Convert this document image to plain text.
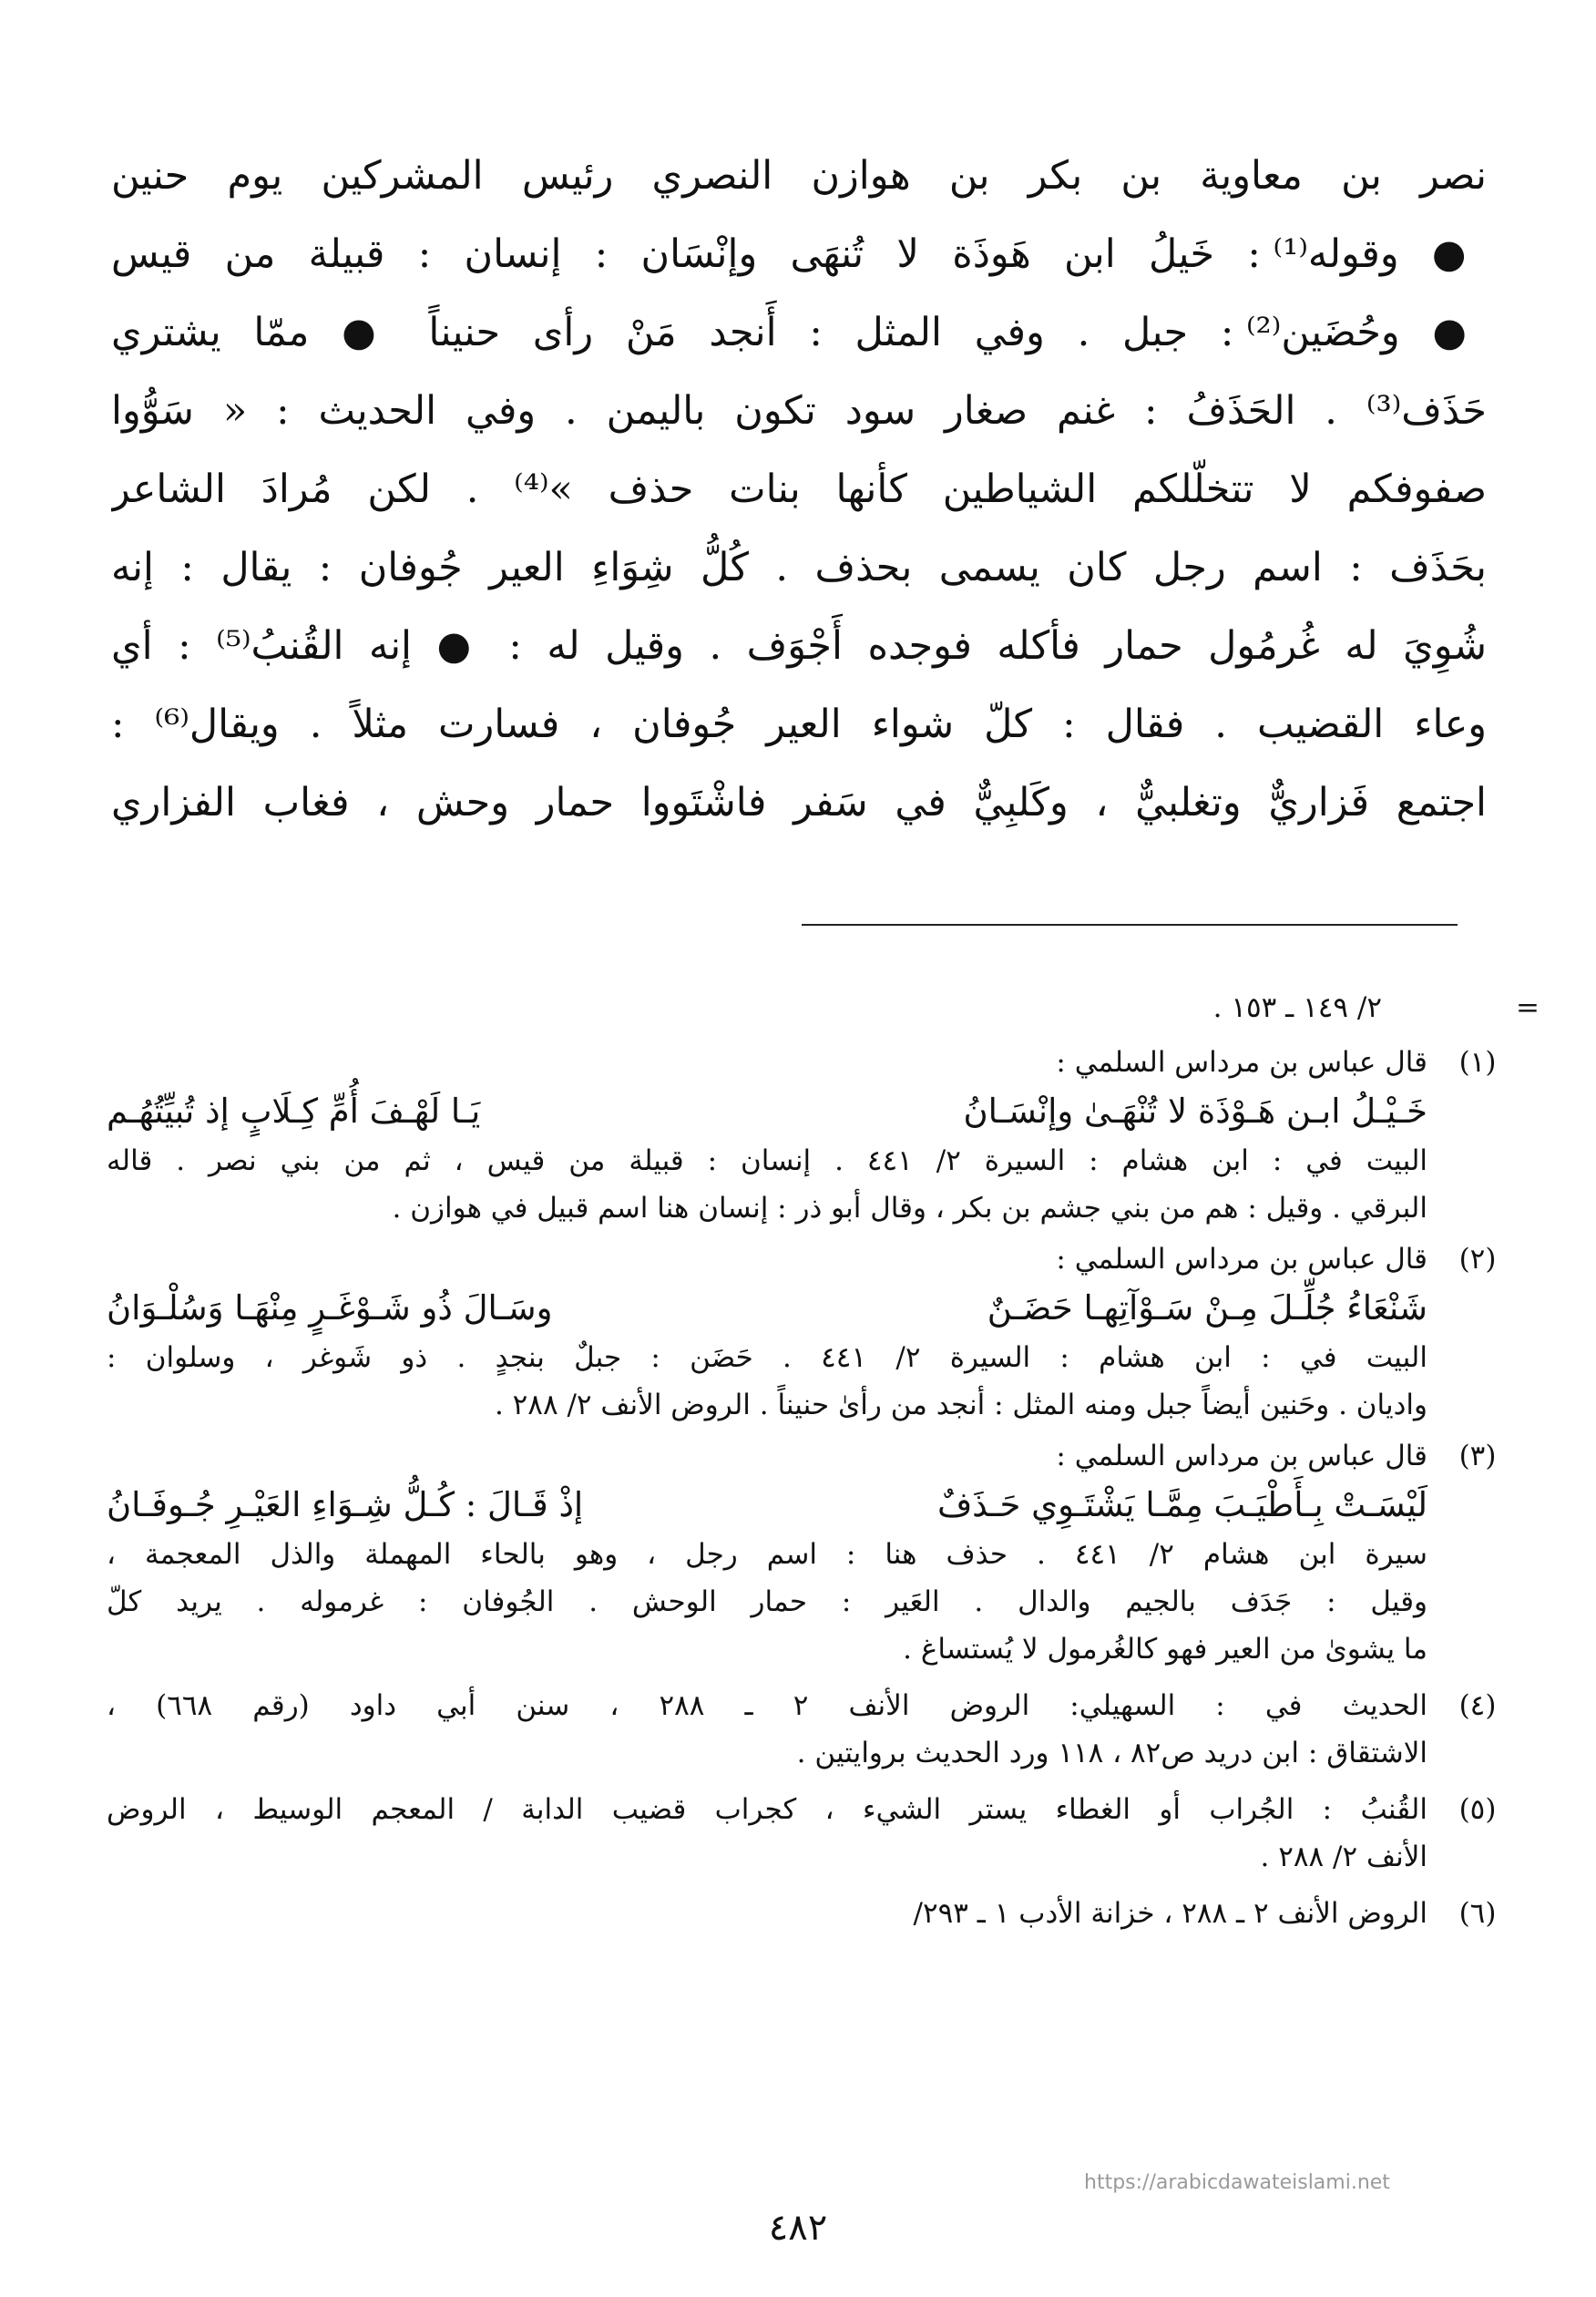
نصر بن معاوية بن بكر بن هوازن النصري رئيس المشركين يوم حنين
● وقوله⁽¹⁾ : خَيلُ ابن هَوذَة لا تُنهَى وإنْسَان : إنسان : قبيلة من قيس
● وحُضَين⁽²⁾ : جبل . وفي المثل : أَنجد مَنْ رأى حنيناً ● ممّا يشتري
حَذَف⁽³⁾ . الحَذَفُ : غنم صغار سود تكون باليمن . وفي الحديث : « سَوُّوا
صفوفكم لا تتخلّلكم الشياطين كأنها بنات حذف »⁽⁴⁾ . لكن مُرادَ الشاعر
بحَذَف : اسم رجل كان يسمى بحذف . كُلُّ شِوَاءِ العير جُوفان : يقال : إنه
شُوِيَ له غُرمُول حمار فأكله فوجده أَجْوَف . وقيل له : ● إنه القُنبُ⁽⁵⁾ : أي
وعاء القضيب . فقال : كلّ شواء العير جُوفان ، فسارت مثلاً . ويقال⁽⁶⁾ :
اجتمع فَزاريٌّ وتغلبيٌّ ، وكَلبِيٌّ في سَفر فاشْتَووا حمار وحش ، فغاب الفزاري
=
٢/ ١٤٩ ـ ١٥٣ .
(١)
قال عباس بن مرداس السلمي :
خَـيْـلُ ابـن هَـوْذَة لا تُنْهَـىٰ وإنْسَـانُ
يَـا لَهْـفَ أُمِّ كِـلَابٍ إذ تُبيِّتُهُـم
البيت في : ابن هشام : السيرة ٢/ ٤٤١ . إنسان : قبيلة من قيس ، ثم من بني نصر . قاله
البرقي . وقيل : هم من بني جشم بن بكر ، وقال أبو ذر : إنسان هنا اسم قبيل في هوازن .
(٢)
قال عباس بن مرداس السلمي :
شَنْعَاءُ جُلِّـلَ مِـنْ سَـوْآتِهـا حَضَـنٌ
وسَـالَ ذُو شَـوْغَـرٍ مِنْهَـا وَسُلْـوَانُ
البيت في : ابن هشام : السيرة ٢/ ٤٤١ . حَضَن : جبلٌ بنجدٍ . ذو شَوغر ، وسلوان :
واديان . وحَنين أيضاً جبل ومنه المثل : أنجد من رأىٰ حنيناً . الروض الأنف ٢/ ٢٨٨ .
(٣)
قال عباس بن مرداس السلمي :
لَيْسَـتْ بِـأَطْيَـبَ مِمَّـا يَشْتَـوِي حَـذَفٌ
إذْ قَـالَ : كُـلُّ شِـوَاءِ العَيْـرِ جُـوفَـانُ
سيرة ابن هشام ٢/ ٤٤١ . حذف هنا : اسم رجل ، وهو بالحاء المهملة والذل المعجمة ،
وقيل : جَدَف بالجيم والدال . العَير : حمار الوحش . الجُوفان : غرموله . يريد كلّ
ما يشوىٰ من العير فهو كالغُرمول لا يُستساغ .
(٤)
الحديث في : السهيلي: الروض الأنف ٢ ـ ٢٨٨ ، سنن أبي داود (رقم ٦٦٨) ،
الاشتقاق : ابن دريد ص٨٢ ، ١١٨ ورد الحديث بروايتين .
(٥)
القُنبُ : الجُراب أو الغطاء يستر الشيء ، كجراب قضيب الدابة / المعجم الوسيط ، الروض
الأنف ٢/ ٢٨٨ .
(٦)
الروض الأنف ٢ ـ ٢٨٨ ، خزانة الأدب ١ ـ ٢٩٣/
https://arabicdawateislami.net
٤٨٢
